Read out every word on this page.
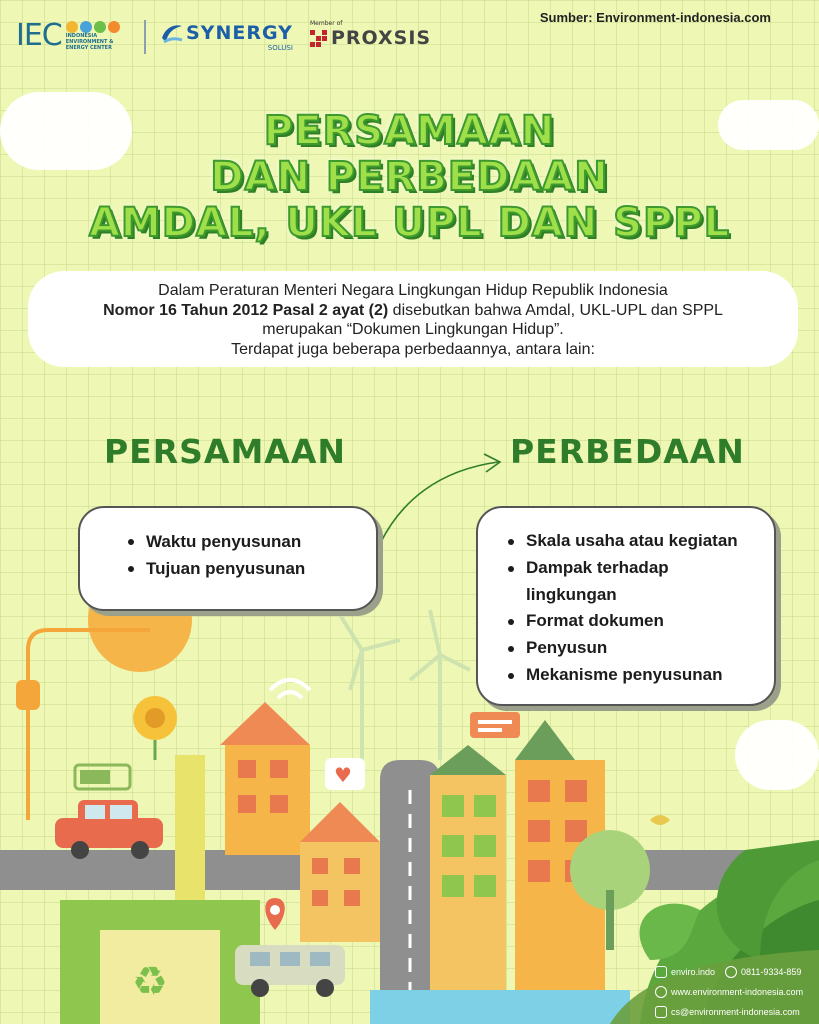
IEC INDONESIA ENVIRONMENT & ENERGY CENTER
SYNERGY
SOLUSI
Member of
PROXSIS
Sumber: Environment-indonesia.com
PERSAMAAN
DAN PERBEDAAN
AMDAL, UKL UPL DAN SPPL
Dalam Peraturan Menteri Negara Lingkungan Hidup Republik Indonesia
Nomor 16 Tahun 2012 Pasal 2 ayat (2) disebutkan bahwa Amdal, UKL-UPL dan SPPL
merupakan “Dokumen Lingkungan Hidup”.
Terdapat juga beberapa perbedaannya, antara lain:
♻
♥
PERSAMAAN	PERBEDAAN
Waktu penyusunan
Tujuan penyusunan
Skala usaha atau kegiatan
Dampak terhadap
lingkungan
Format dokumen
Penyusun
Mekanisme penyusunan
enviro.indo	0811-9334-859
www.environment-indonesia.com
cs@environment-indonesia.com
